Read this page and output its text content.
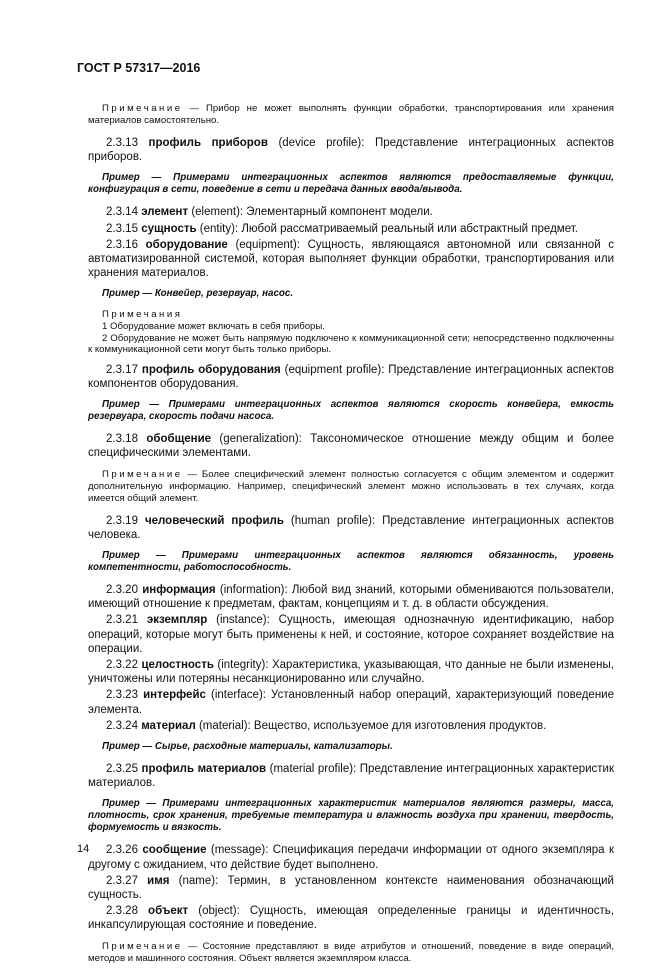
ГОСТ Р 57317—2016

Примечание — Прибор не может выполнять функции обработки, транспортирования или хранения материалов самостоятельно.

2.3.13 профиль приборов (device profile): Представление интеграционных аспектов приборов.

Пример — Примерами интеграционных аспектов являются предоставляемые функции, конфигурация в сети, поведение в сети и передача данных ввода/вывода.

2.3.14 элемент (element): Элементарный компонент модели.

2.3.15 сущность (entity): Любой рассматриваемый реальный или абстрактный предмет.

2.3.16 оборудование (equipment): Сущность, являющаяся автономной или связанной с автоматизированной системой, которая выполняет функции обработки, транспортирования или хранения материалов.

Пример — Конвейер, резервуар, насос.

Примечания
1 Оборудование может включать в себя приборы.
2 Оборудование не может быть напрямую подключено к коммуникационной сети; непосредственно подключенны к коммуникационной сети могут быть только приборы.

2.3.17 профиль оборудования (equipment profile): Представление интеграционных аспектов компонентов оборудования.

Пример — Примерами интеграционных аспектов являются скорость конвейера, емкость резервуара, скорость подачи насоса.

2.3.18 обобщение (generalization): Таксономическое отношение между общим и более специфическими элементами.

Примечание — Более специфический элемент полностью согласуется с общим элементом и содержит дополнительную информацию. Например, специфический элемент можно использовать в тех случаях, когда имеется общий элемент.

2.3.19 человеческий профиль (human profile): Представление интеграционных аспектов человека.

Пример — Примерами интеграционных аспектов являются обязанность, уровень компетентности, работоспособность.

2.3.20 информация (information): Любой вид знаний, которыми обмениваются пользователи, имеющий отношение к предметам, фактам, концепциям и т. д. в области обсуждения.

2.3.21 экземпляр (instance): Сущность, имеющая однозначную идентификацию, набор операций, которые могут быть применены к ней, и состояние, которое сохраняет воздействие на операции.

2.3.22 целостность (integrity): Характеристика, указывающая, что данные не были изменены, уничтожены или потеряны несанкционированно или случайно.

2.3.23 интерфейс (interface): Установленный набор операций, характеризующий поведение элемента.

2.3.24 материал (material): Вещество, используемое для изготовления продуктов.

Пример — Сырье, расходные материалы, катализаторы.

2.3.25 профиль материалов (material profile): Представление интеграционных характеристик материалов.

Пример — Примерами интеграционных характеристик материалов являются размеры, масса, плотность, срок хранения, требуемые температура и влажность воздуха при хранении, твердость, формуемость и вязкость.

2.3.26 сообщение (message): Спецификация передачи информации от одного экземпляра к другому с ожиданием, что действие будет выполнено.

2.3.27 имя (name): Термин, в установленном контексте наименования обозначающий сущность.

2.3.28 объект (object): Сущность, имеющая определенные границы и идентичность, инкапсулирующая состояние и поведение.

Примечание — Состояние представляют в виде атрибутов и отношений, поведение в виде операций, методов и машинного состояния. Объект является экземпляром класса.

14
